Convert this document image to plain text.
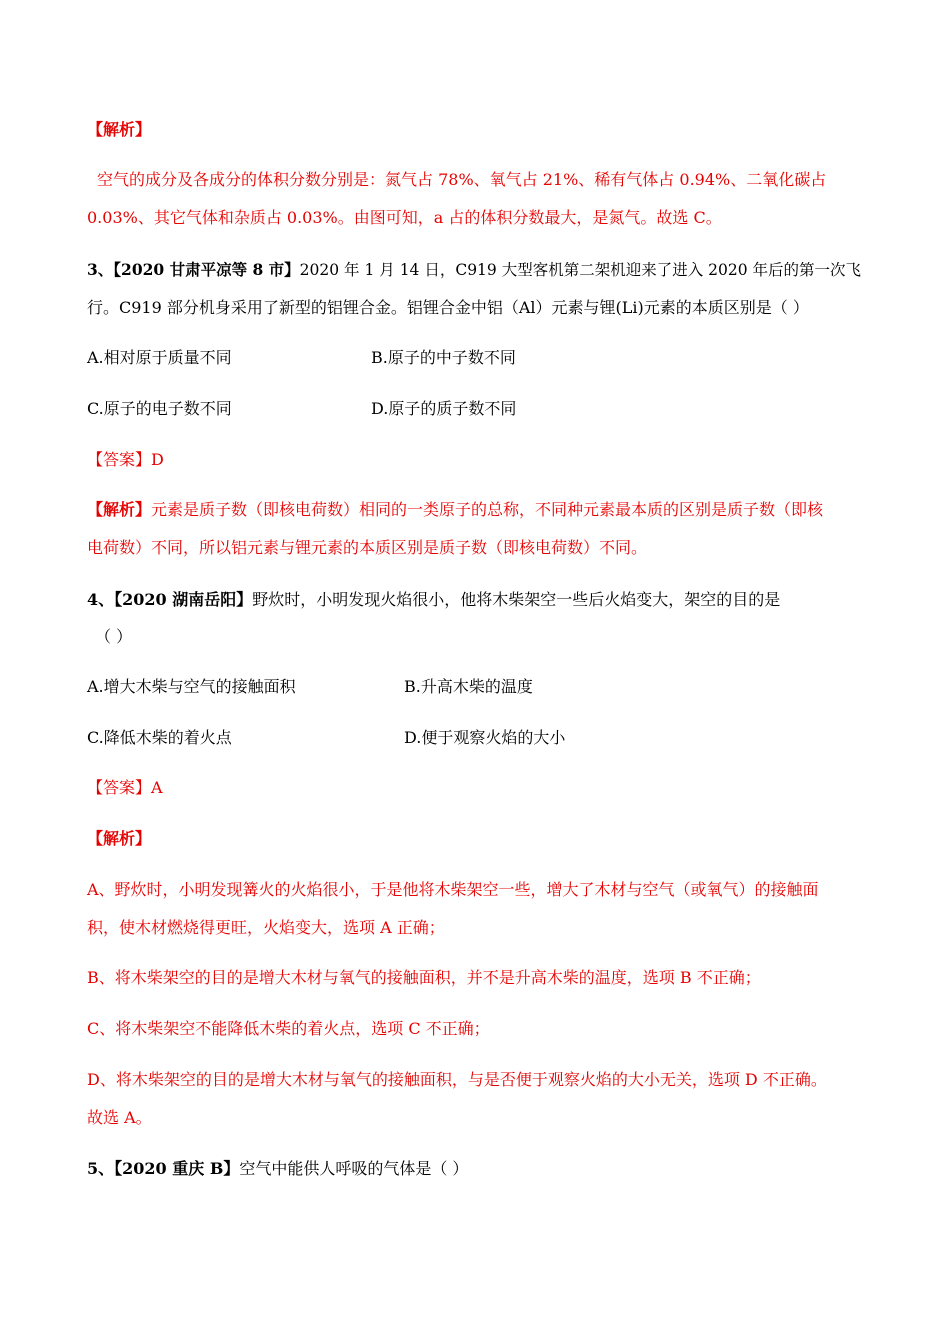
【解析】
空气的成分及各成分的体积分数分别是：氮气占 78%、氧气占 21%、稀有气体占 0.94%、二氧化碳占
0.03%、其它气体和杂质占 0.03%。由图可知，a 占的体积分数最大，是氮气。故选 C。
3、【2020 甘肃平凉等 8 市】2020 年 1 月 14 日，C919 大型客机第二架机迎来了进入 2020 年后的第一次飞
行。C919 部分机身采用了新型的铝锂合金。铝锂合金中铝（Al）元素与锂(Li)元素的本质区别是（ ）
A.相对原于质量不同	B.原子的中子数不同
C.原子的电子数不同	D.原子的质子数不同
【答案】D
【解析】元素是质子数（即核电荷数）相同的一类原子的总称，不同种元素最本质的区别是质子数（即核
电荷数）不同，所以铝元素与锂元素的本质区别是质子数（即核电荷数）不同。
4、【2020 湖南岳阳】野炊时，小明发现火焰很小，他将木柴架空一些后火焰变大，架空的目的是
（ ）
A.增大木柴与空气的接触面积	B.升高木柴的温度
C.降低木柴的着火点	D.便于观察火焰的大小
【答案】A
【解析】
A、野炊时，小明发现篝火的火焰很小，于是他将木柴架空一些，增大了木材与空气（或氧气）的接触面
积，使木材燃烧得更旺，火焰变大，选项 A 正确；
B、将木柴架空的目的是增大木材与氧气的接触面积，并不是升高木柴的温度，选项 B 不正确；
C、将木柴架空不能降低木柴的着火点，选项 C 不正确；
D、将木柴架空的目的是增大木材与氧气的接触面积，与是否便于观察火焰的大小无关，选项 D 不正确。
故选 A。
5、【2020 重庆 B】空气中能供人呼吸的气体是（ ）
